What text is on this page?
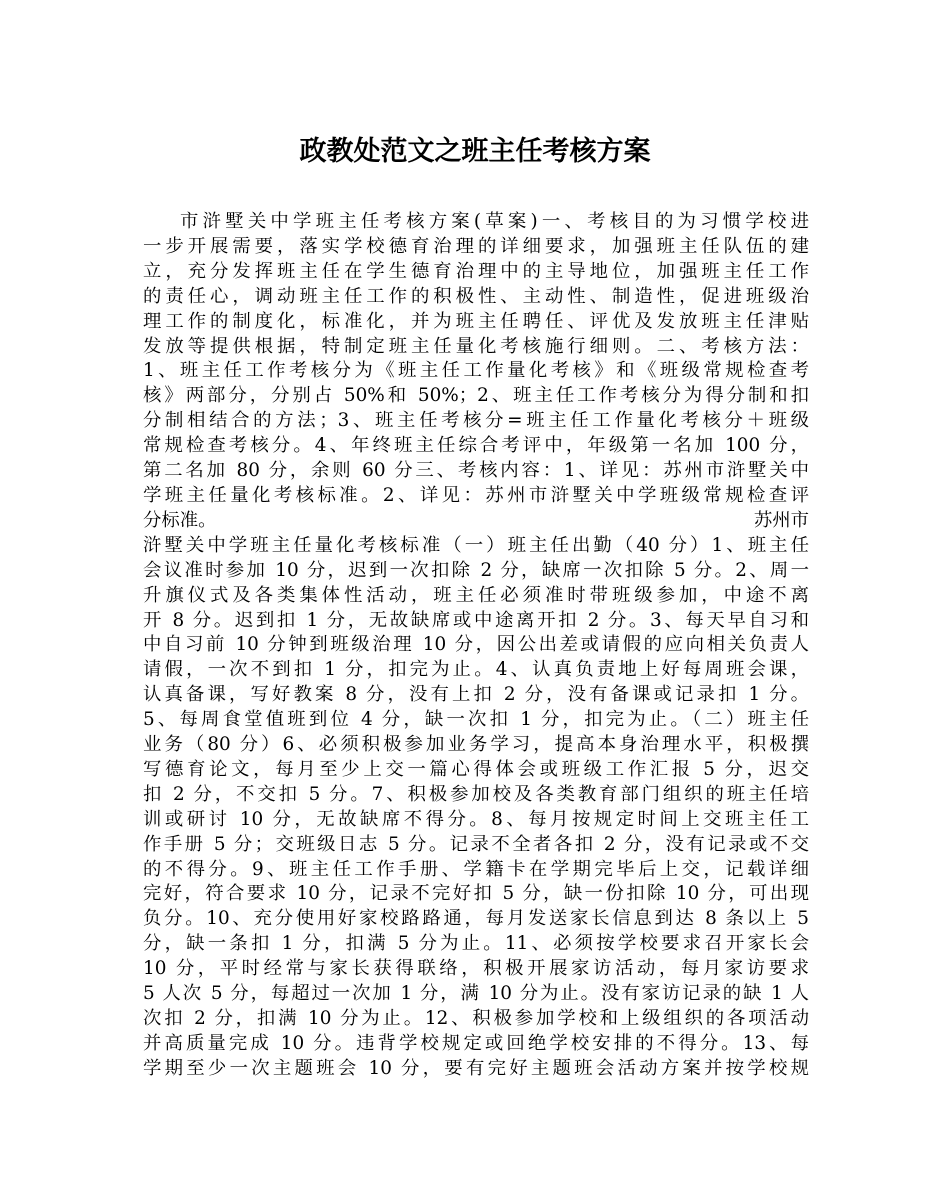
政教处范文之班主任考核方案
市浒墅关中学班主任考核方案(草案)一、考核目的为习惯学校进
一步开展需要，落实学校德育治理的详细要求，加强班主任队伍的建
立，充分发挥班主任在学生德育治理中的主导地位，加强班主任工作
的责任心，调动班主任工作的积极性、主动性、制造性，促进班级治
理工作的制度化，标准化，并为班主任聘任、评优及发放班主任津贴
发放等提供根据，特制定班主任量化考核施行细则。二、考核方法：
1、班主任工作考核分为《班主任工作量化考核》和《班级常规检查考
核》两部分，分别占 50%和 50%；2、班主任工作考核分为得分制和扣
分制相结合的方法；3、班主任考核分=班主任工作量化考核分＋班级
常规检查考核分。4、年终班主任综合考评中，年级第一名加 100 分，
第二名加 80 分，余则 60 分三、考核内容：1、详见：苏州市浒墅关中
学班主任量化考核标准。2、详见：苏州市浒墅关中学班级常规检查评
分标准。	苏州市
浒墅关中学班主任量化考核标准（一）班主任出勤（40 分）1、班主任
会议准时参加 10 分，迟到一次扣除 2 分，缺席一次扣除 5 分。2、周一
升旗仪式及各类集体性活动，班主任必须准时带班级参加，中途不离
开 8 分。迟到扣 1 分，无故缺席或中途离开扣 2 分。3、每天早自习和
中自习前 10 分钟到班级治理 10 分，因公出差或请假的应向相关负责人
请假，一次不到扣 1 分，扣完为止。4、认真负责地上好每周班会课，
认真备课，写好教案 8 分，没有上扣 2 分，没有备课或记录扣 1 分。
5、每周食堂值班到位 4 分，缺一次扣 1 分，扣完为止。（二）班主任
业务（80 分）6、必须积极参加业务学习，提高本身治理水平，积极撰
写德育论文，每月至少上交一篇心得体会或班级工作汇报 5 分，迟交
扣 2 分，不交扣 5 分。7、积极参加校及各类教育部门组织的班主任培
训或研讨 10 分，无故缺席不得分。8、每月按规定时间上交班主任工
作手册 5 分；交班级日志 5 分。记录不全者各扣 2 分，没有记录或不交
的不得分。9、班主任工作手册、学籍卡在学期完毕后上交，记载详细
完好，符合要求 10 分，记录不完好扣 5 分，缺一份扣除 10 分，可出现
负分。10、充分使用好家校路路通，每月发送家长信息到达 8 条以上 5
分，缺一条扣 1 分，扣满 5 分为止。11、必须按学校要求召开家长会
10 分，平时经常与家长获得联络，积极开展家访活动，每月家访要求
5 人次 5 分，每超过一次加 1 分，满 10 分为止。没有家访记录的缺 1 人
次扣 2 分，扣满 10 分为止。12、积极参加学校和上级组织的各项活动
并高质量完成 10 分。违背学校规定或回绝学校安排的不得分。13、每
学期至少一次主题班会 10 分，要有完好主题班会活动方案并按学校规
